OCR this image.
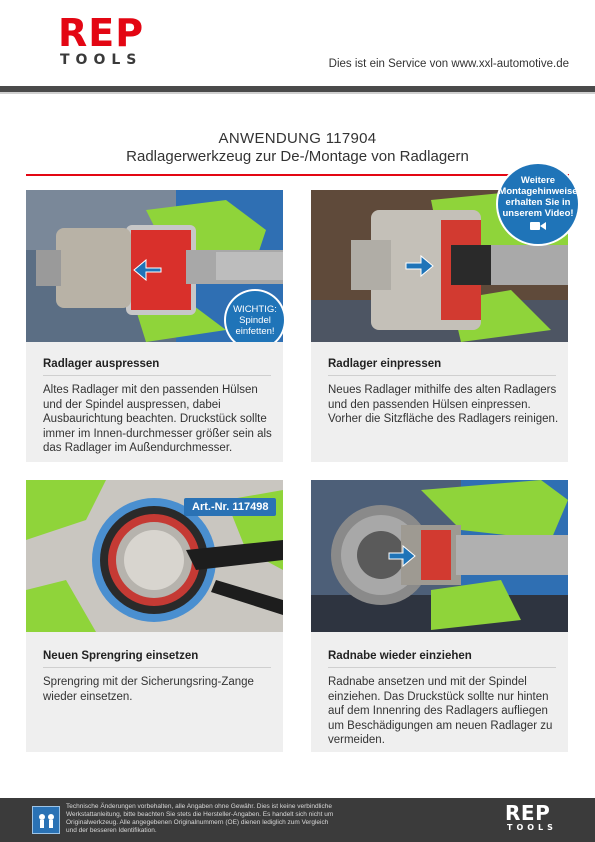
REP
TOOLS	Dies ist ein Service von www.xxl-automotive.de
ANWENDUNG 117904
Radlagerwerkzeug zur De-/Montage von Radlagern
WICHTIG:
Spindel
einfetten!
Radlager auspressen
Altes Radlager mit den passenden Hülsen und der Spindel auspressen, dabei Ausbaurichtung beachten. Druckstück sollte immer im Innen-durchmesser größer sein als das Radlager im Außendurchmesser.
Weitere
Montagehinweise
erhalten Sie in
unserem Video!
Radlager einpressen
Neues Radlager mithilfe des alten Radlagers und den passenden Hülsen einpressen. Vorher die Sitzfläche des Radlagers reinigen.
Art.-Nr. 117498
Neuen Sprengring einsetzen
Sprengring mit der Sicherungsring-Zange wieder einsetzen.
Radnabe wieder einziehen
Radnabe ansetzen und mit der Spindel einziehen. Das Druckstück sollte nur hinten auf dem Innenring des Radlagers aufliegen um Beschädigungen am neuen Radlager zu vermeiden.
Technische Änderungen vorbehalten, alle Angaben ohne Gewähr. Dies ist keine verbindliche Werkstattanleitung, bitte beachten Sie stets die Hersteller-Angaben. Es handelt sich nicht um Originalwerkzeug. Alle angegebenen Originalnummern (OE) dienen lediglich zum Vergleich und der besseren Identifikation.
REP
TOOLS
